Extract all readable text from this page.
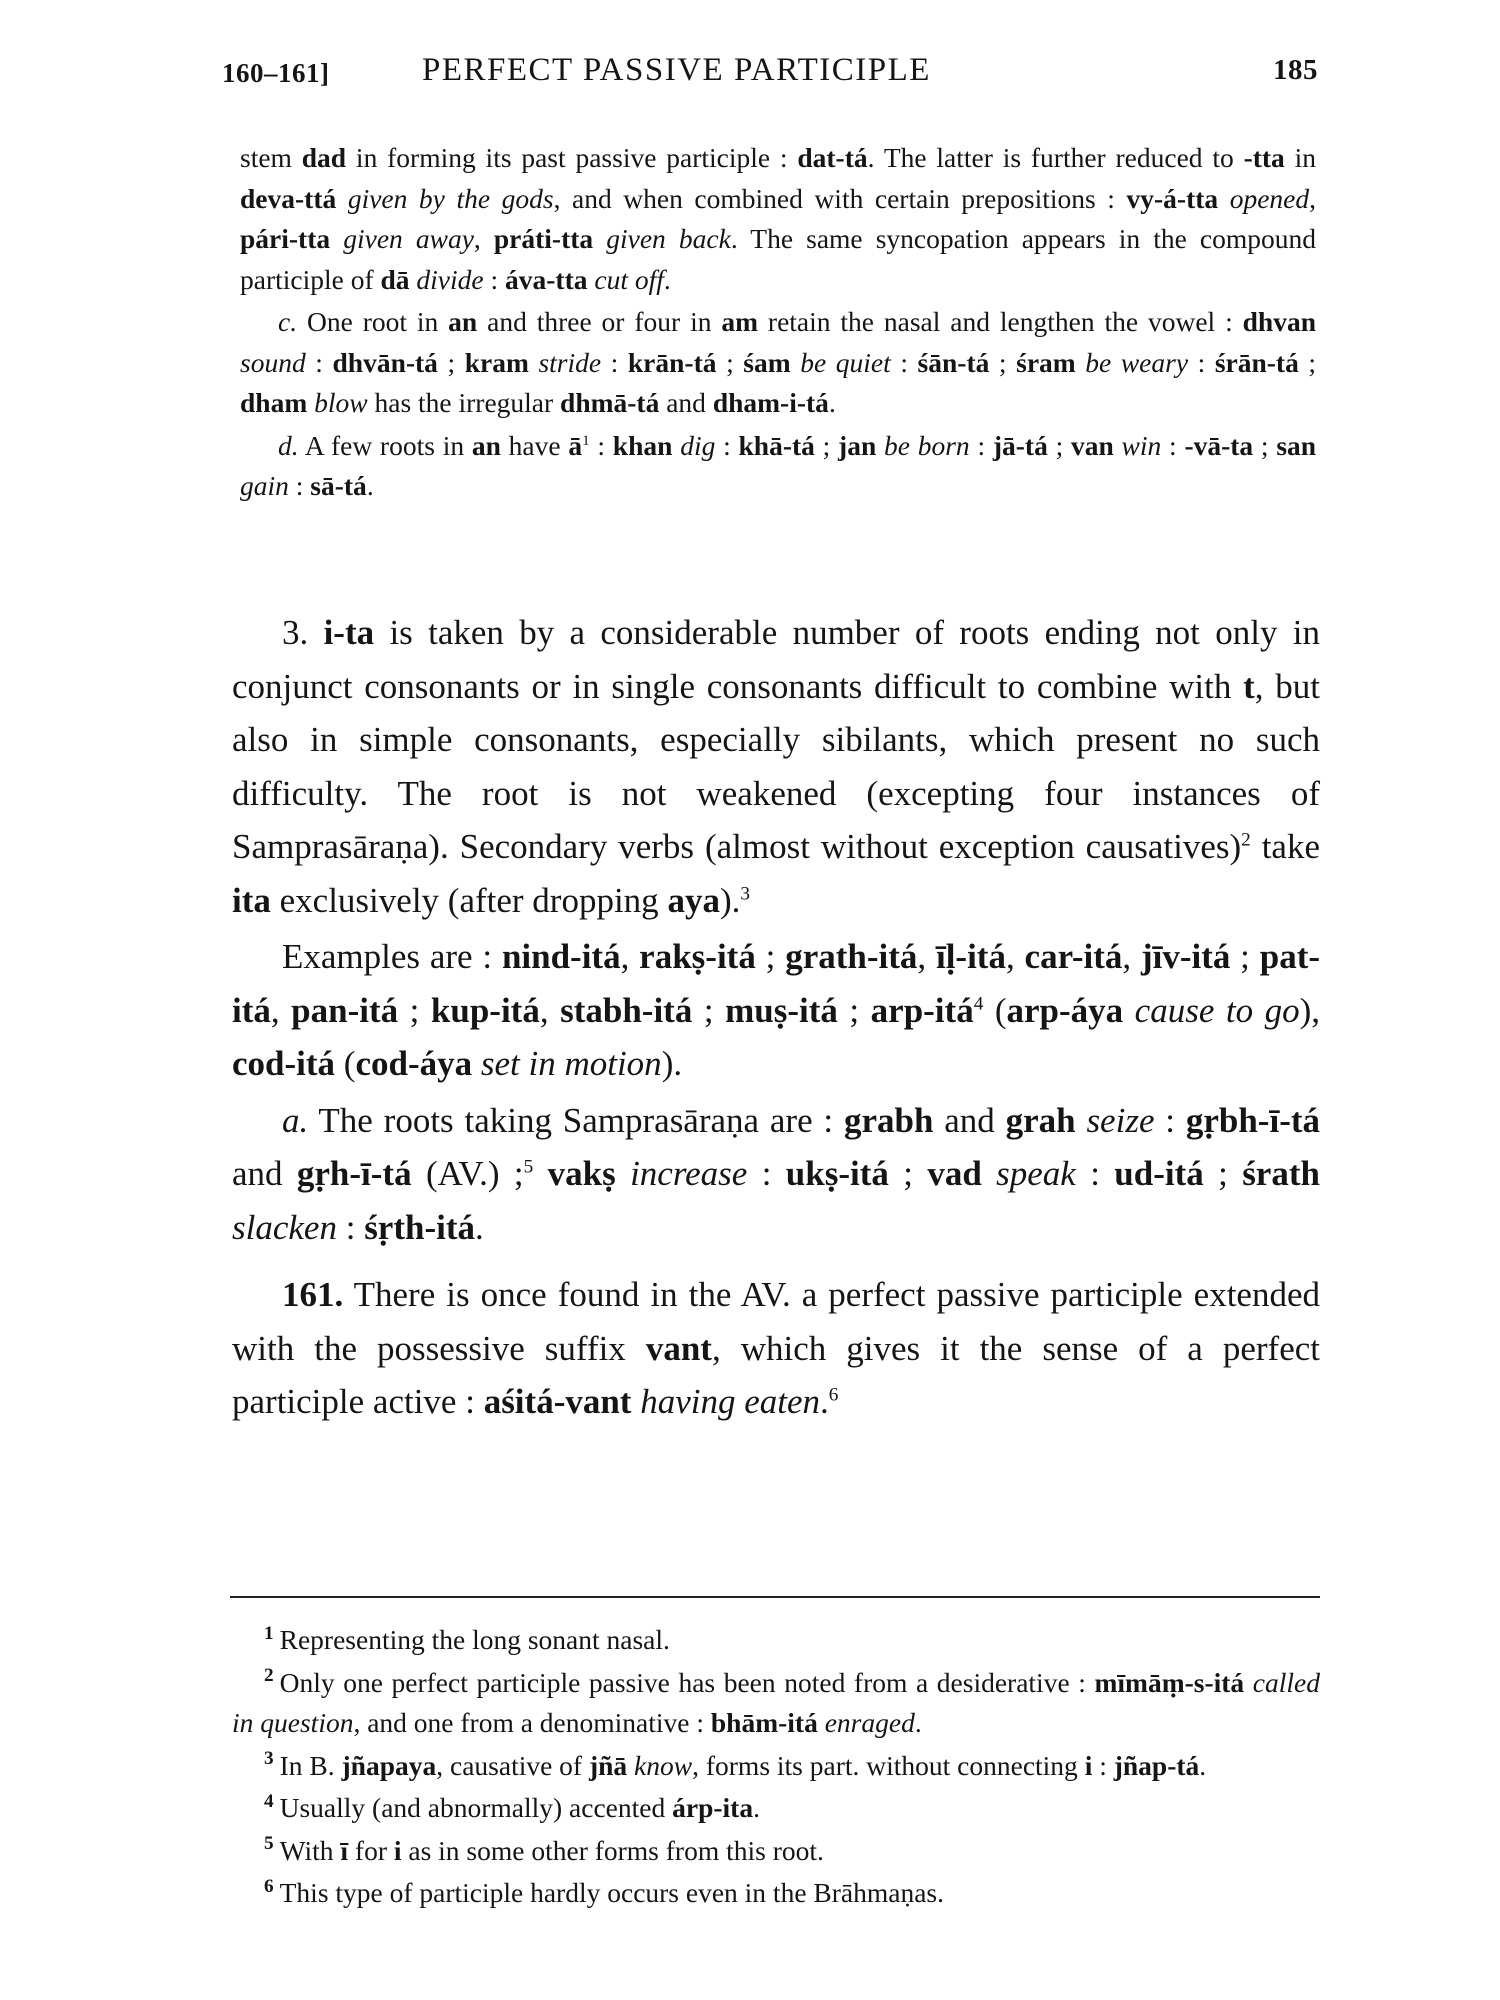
160–161]	PERFECT PASSIVE PARTICIPLE	185

stem dad in forming its past passive participle : dat-tá. The latter is further reduced to -tta in deva-ttá given by the gods, and when combined with certain prepositions : vy-á-tta opened, pári-tta given away, práti-tta given back. The same syncopation appears in the compound participle of dā divide : áva-tta cut off.

c. One root in an and three or four in am retain the nasal and lengthen the vowel : dhvan sound : dhvān-tá ; kram stride : krān-tá ; śam be quiet : śān-tá ; śram be weary : śrān-tá ; dham blow has the irregular dhmā-tá and dham-i-tá.

d. A few roots in an have $ā^1$ : khan dig : khā-tá ; jan be born : jā-tá ; van win : -vā-ta ; san gain : sā-tá.

3. i-ta is taken by a considerable number of roots ending not only in conjunct consonants or in single consonants difficult to combine with t, but also in simple consonants, especially sibilants, which present no such difficulty. The root is not weakened (excepting four instances of Samprasāraṇa). Secondary verbs (almost without exception causatives)$^2$ take ita exclusively (after dropping aya).$^3$

Examples are : nind-itá, rakṣ-itá ; grath-itá, īḷ-itá, car-itá, jīv-itá ; pat-itá, pan-itá ; kup-itá, stabh-itá ; muṣ-itá ; arp-itá$^4$ (arp-áya cause to go), cod-itá (cod-áya set in motion).

a. The roots taking Samprasāraṇa are : grabh and grah seize : gṛbh-ī-tá and gṛh-ī-tá (AV.) ;$^5$ vakṣ increase : ukṣ-itá ; vad speak : ud-itá ; śrath slacken : śṛth-itá.

161. There is once found in the AV. a perfect passive participle extended with the possessive suffix vant, which gives it the sense of a perfect participle active : aśitá-vant having eaten.$^6$

$^1$ Representing the long sonant nasal.

$^2$ Only one perfect participle passive has been noted from a desiderative : mīmāṃ-s-itá called in question, and one from a denominative : bhām-itá enraged.

$^3$ In B. jñapaya, causative of jñā know, forms its part. without connecting i : jñap-tá.

$^4$ Usually (and abnormally) accented árp-ita.

$^5$ With ī for i as in some other forms from this root.

$^6$ This type of participle hardly occurs even in the Brāhmaṇas.
